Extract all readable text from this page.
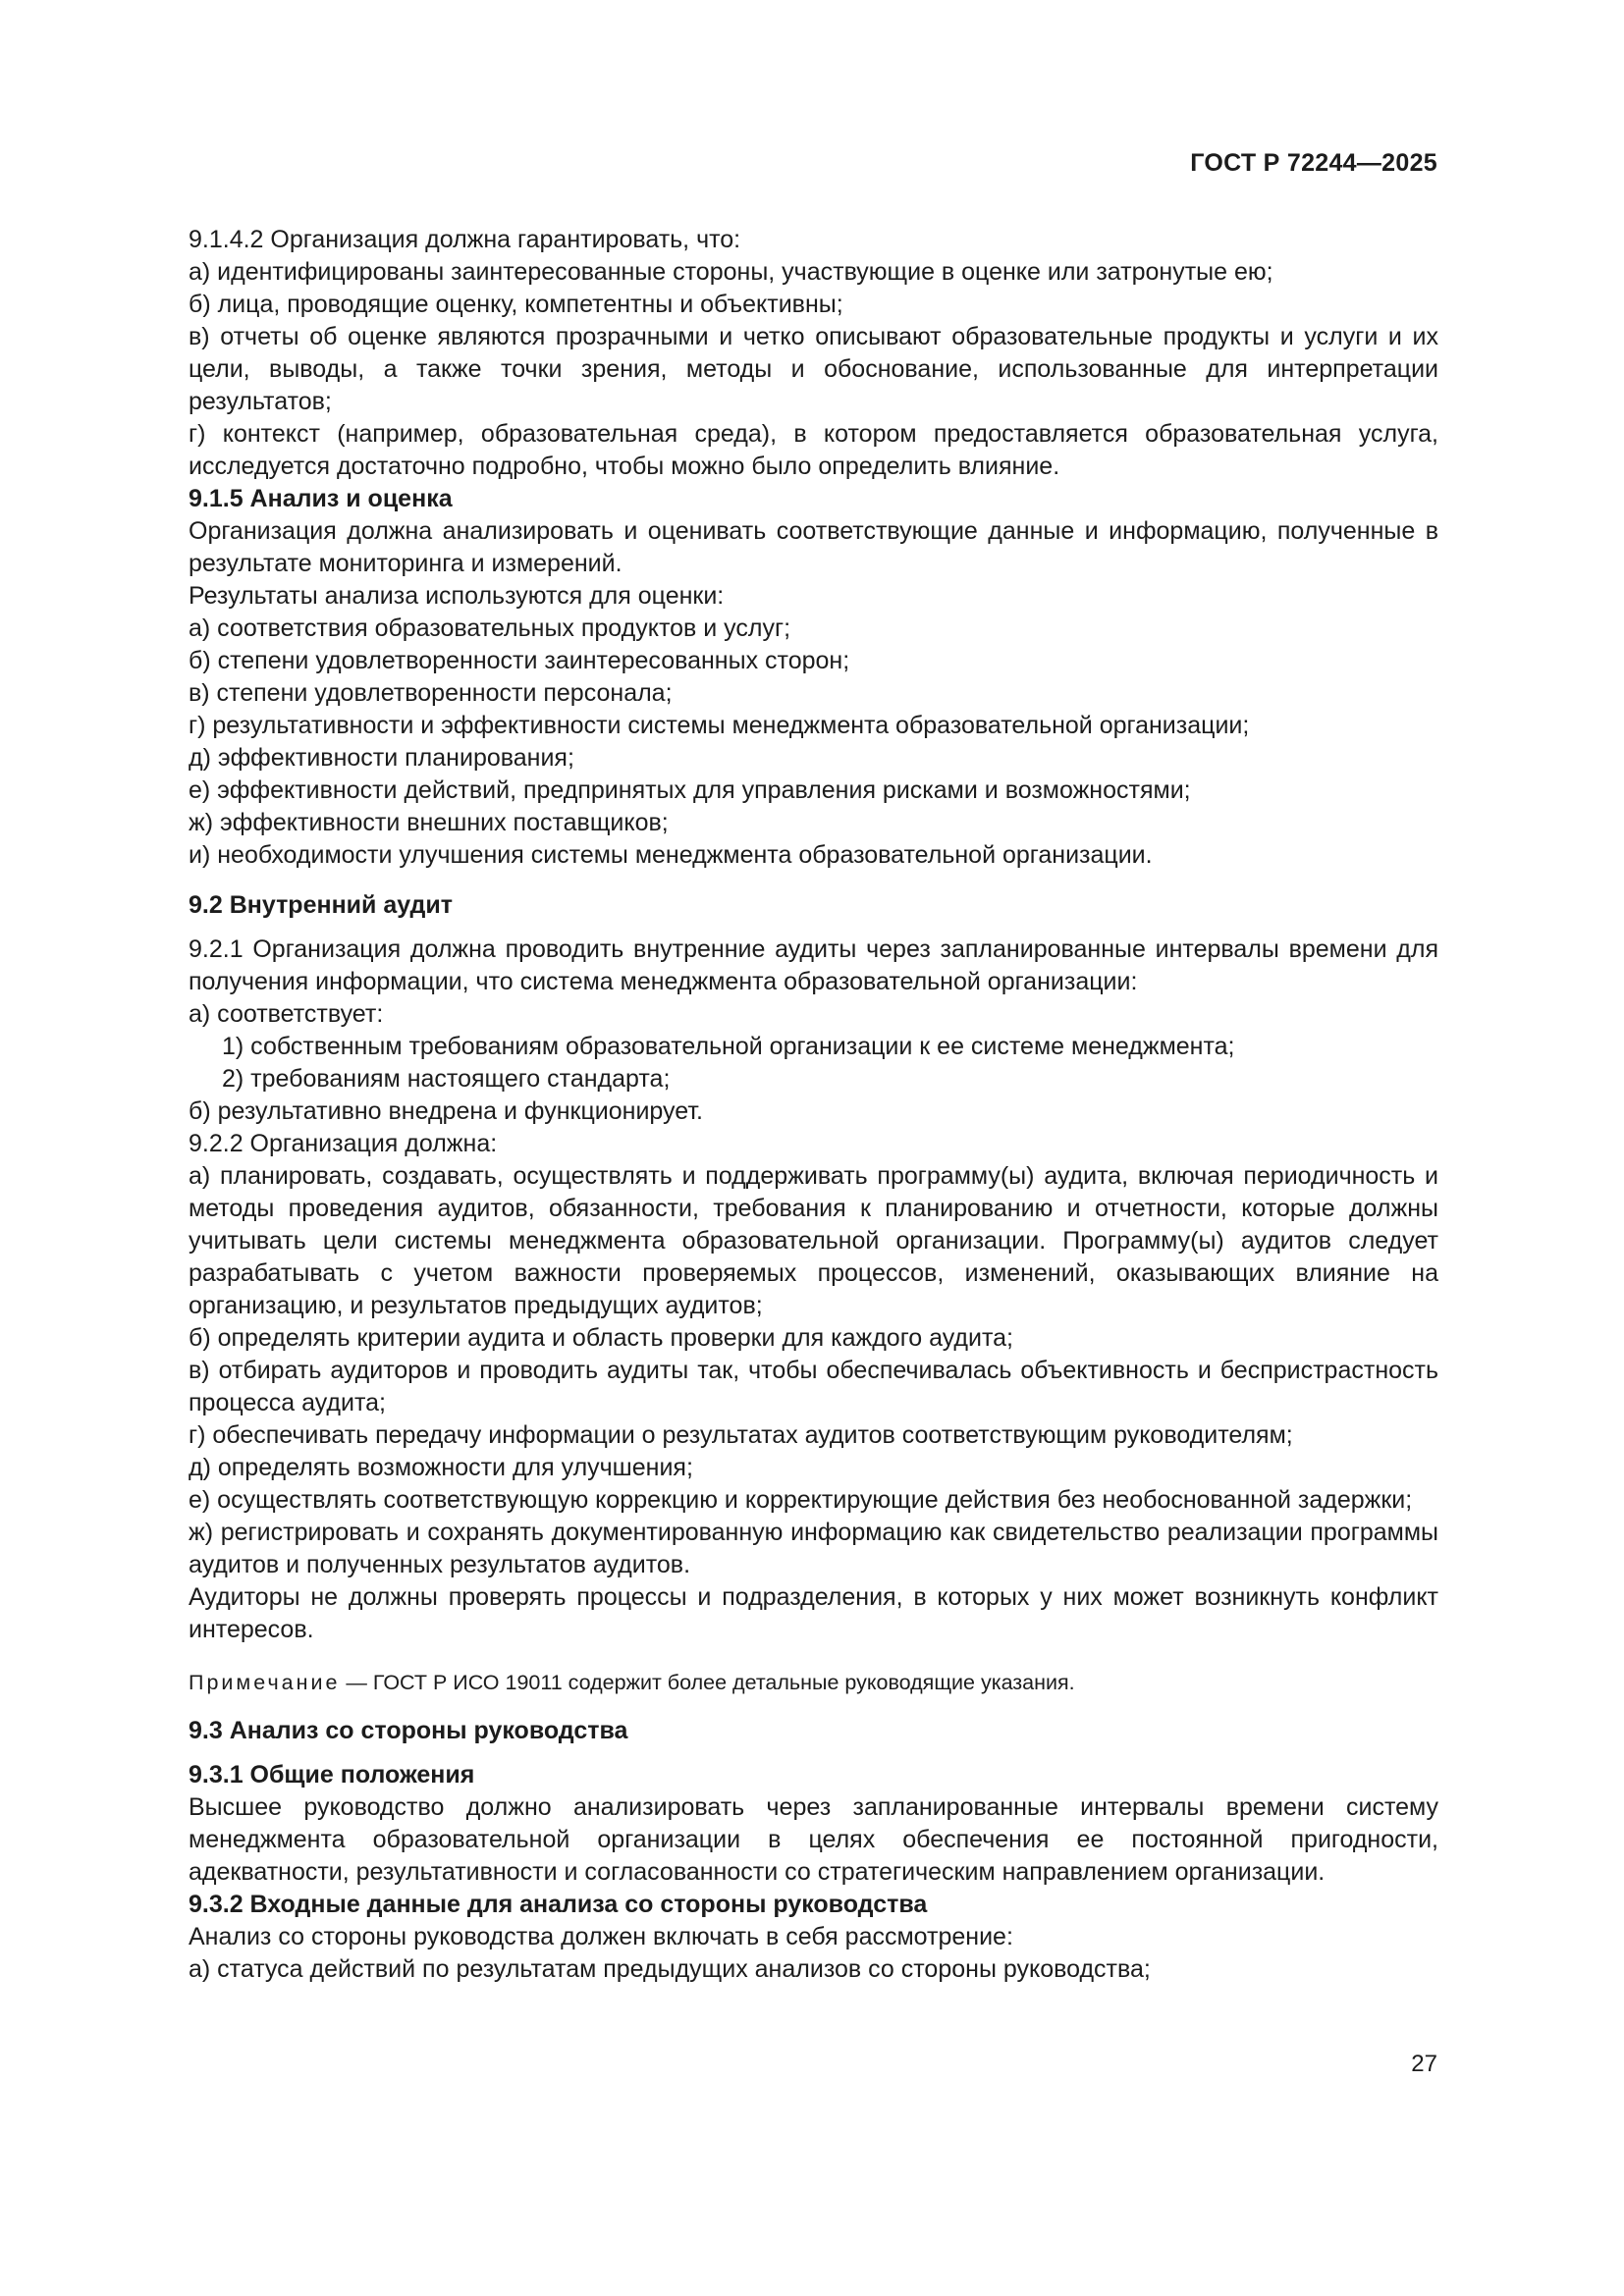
ГОСТ Р 72244—2025

9.1.4.2 Организация должна гарантировать, что:

а) идентифицированы заинтересованные стороны, участвующие в оценке или затронутые ею;

б) лица, проводящие оценку, компетентны и объективны;

в) отчеты об оценке являются прозрачными и четко описывают образовательные продукты и услуги и их цели, выводы, а также точки зрения, методы и обоснование, использованные для интерпретации результатов;

г) контекст (например, образовательная среда), в котором предоставляется образовательная услуга, исследуется достаточно подробно, чтобы можно было определить влияние.

9.1.5 Анализ и оценка

Организация должна анализировать и оценивать соответствующие данные и информацию, полученные в результате мониторинга и измерений.

Результаты анализа используются для оценки:

а) соответствия образовательных продуктов и услуг;

б) степени удовлетворенности заинтересованных сторон;

в) степени удовлетворенности персонала;

г) результативности и эффективности системы менеджмента образовательной организации;

д) эффективности планирования;

е) эффективности действий, предпринятых для управления рисками и возможностями;

ж) эффективности внешних поставщиков;

и) необходимости улучшения системы менеджмента образовательной организации.

9.2 Внутренний аудит

9.2.1 Организация должна проводить внутренние аудиты через запланированные интервалы времени для получения информации, что система менеджмента образовательной организации:

а) соответствует:

1) собственным требованиям образовательной организации к ее системе менеджмента;

2) требованиям настоящего стандарта;

б) результативно внедрена и функционирует.

9.2.2 Организация должна:

а) планировать, создавать, осуществлять и поддерживать программу(ы) аудита, включая периодичность и методы проведения аудитов, обязанности, требования к планированию и отчетности, которые должны учитывать цели системы менеджмента образовательной организации. Программу(ы) аудитов следует разрабатывать с учетом важности проверяемых процессов, изменений, оказывающих влияние на организацию, и результатов предыдущих аудитов;

б) определять критерии аудита и область проверки для каждого аудита;

в) отбирать аудиторов и проводить аудиты так, чтобы обеспечивалась объективность и беспристрастность процесса аудита;

г) обеспечивать передачу информации о результатах аудитов соответствующим руководителям;

д) определять возможности для улучшения;

е) осуществлять соответствующую коррекцию и корректирующие действия без необоснованной задержки;

ж) регистрировать и сохранять документированную информацию как свидетельство реализации программы аудитов и полученных результатов аудитов.

Аудиторы не должны проверять процессы и подразделения, в которых у них может возникнуть конфликт интересов.

Примечание — ГОСТ Р ИСО 19011 содержит более детальные руководящие указания.

9.3 Анализ со стороны руководства

9.3.1 Общие положения

Высшее руководство должно анализировать через запланированные интервалы времени систему менеджмента образовательной организации в целях обеспечения ее постоянной пригодности, адекватности, результативности и согласованности со стратегическим направлением организации.

9.3.2 Входные данные для анализа со стороны руководства

Анализ со стороны руководства должен включать в себя рассмотрение:

а) статуса действий по результатам предыдущих анализов со стороны руководства;

27
